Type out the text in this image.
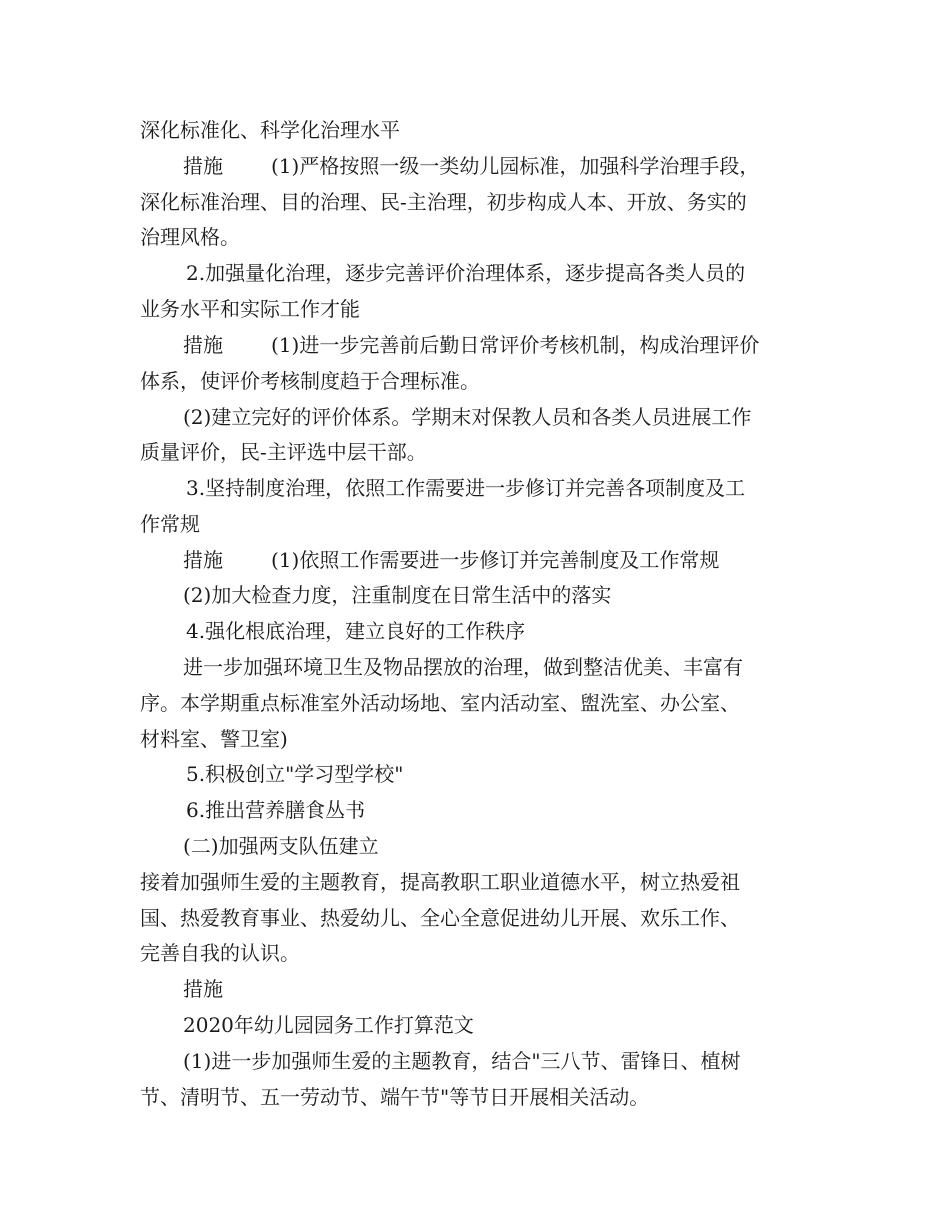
深化标准化、科学化治理水平
措施 (1)严格按照一级一类幼儿园标准，加强科学治理手段，
深化标准治理、目的治理、民-主治理，初步构成人本、开放、务实的
治理风格。
2.加强量化治理，逐步完善评价治理体系，逐步提高各类人员的
业务水平和实际工作才能
措施 (1)进一步完善前后勤日常评价考核机制，构成治理评价
体系，使评价考核制度趋于合理标准。
(2)建立完好的评价体系。学期末对保教人员和各类人员进展工作
质量评价，民-主评选中层干部。
3.坚持制度治理，依照工作需要进一步修订并完善各项制度及工
作常规
措施 (1)依照工作需要进一步修订并完善制度及工作常规
(2)加大检查力度，注重制度在日常生活中的落实
4.强化根底治理，建立良好的工作秩序
进一步加强环境卫生及物品摆放的治理，做到整洁优美、丰富有
序。本学期重点标准室外活动场地、室内活动室、盥洗室、办公室、
材料室、警卫室)
5.积极创立"学习型学校"
6.推出营养膳食丛书
(二)加强两支队伍建立
接着加强师生爱的主题教育，提高教职工职业道德水平，树立热爱祖
国、热爱教育事业、热爱幼儿、全心全意促进幼儿开展、欢乐工作、
完善自我的认识。
措施
2020年幼儿园园务工作打算范文
(1)进一步加强师生爱的主题教育，结合"三八节、雷锋日、植树
节、清明节、五一劳动节、端午节"等节日开展相关活动。
